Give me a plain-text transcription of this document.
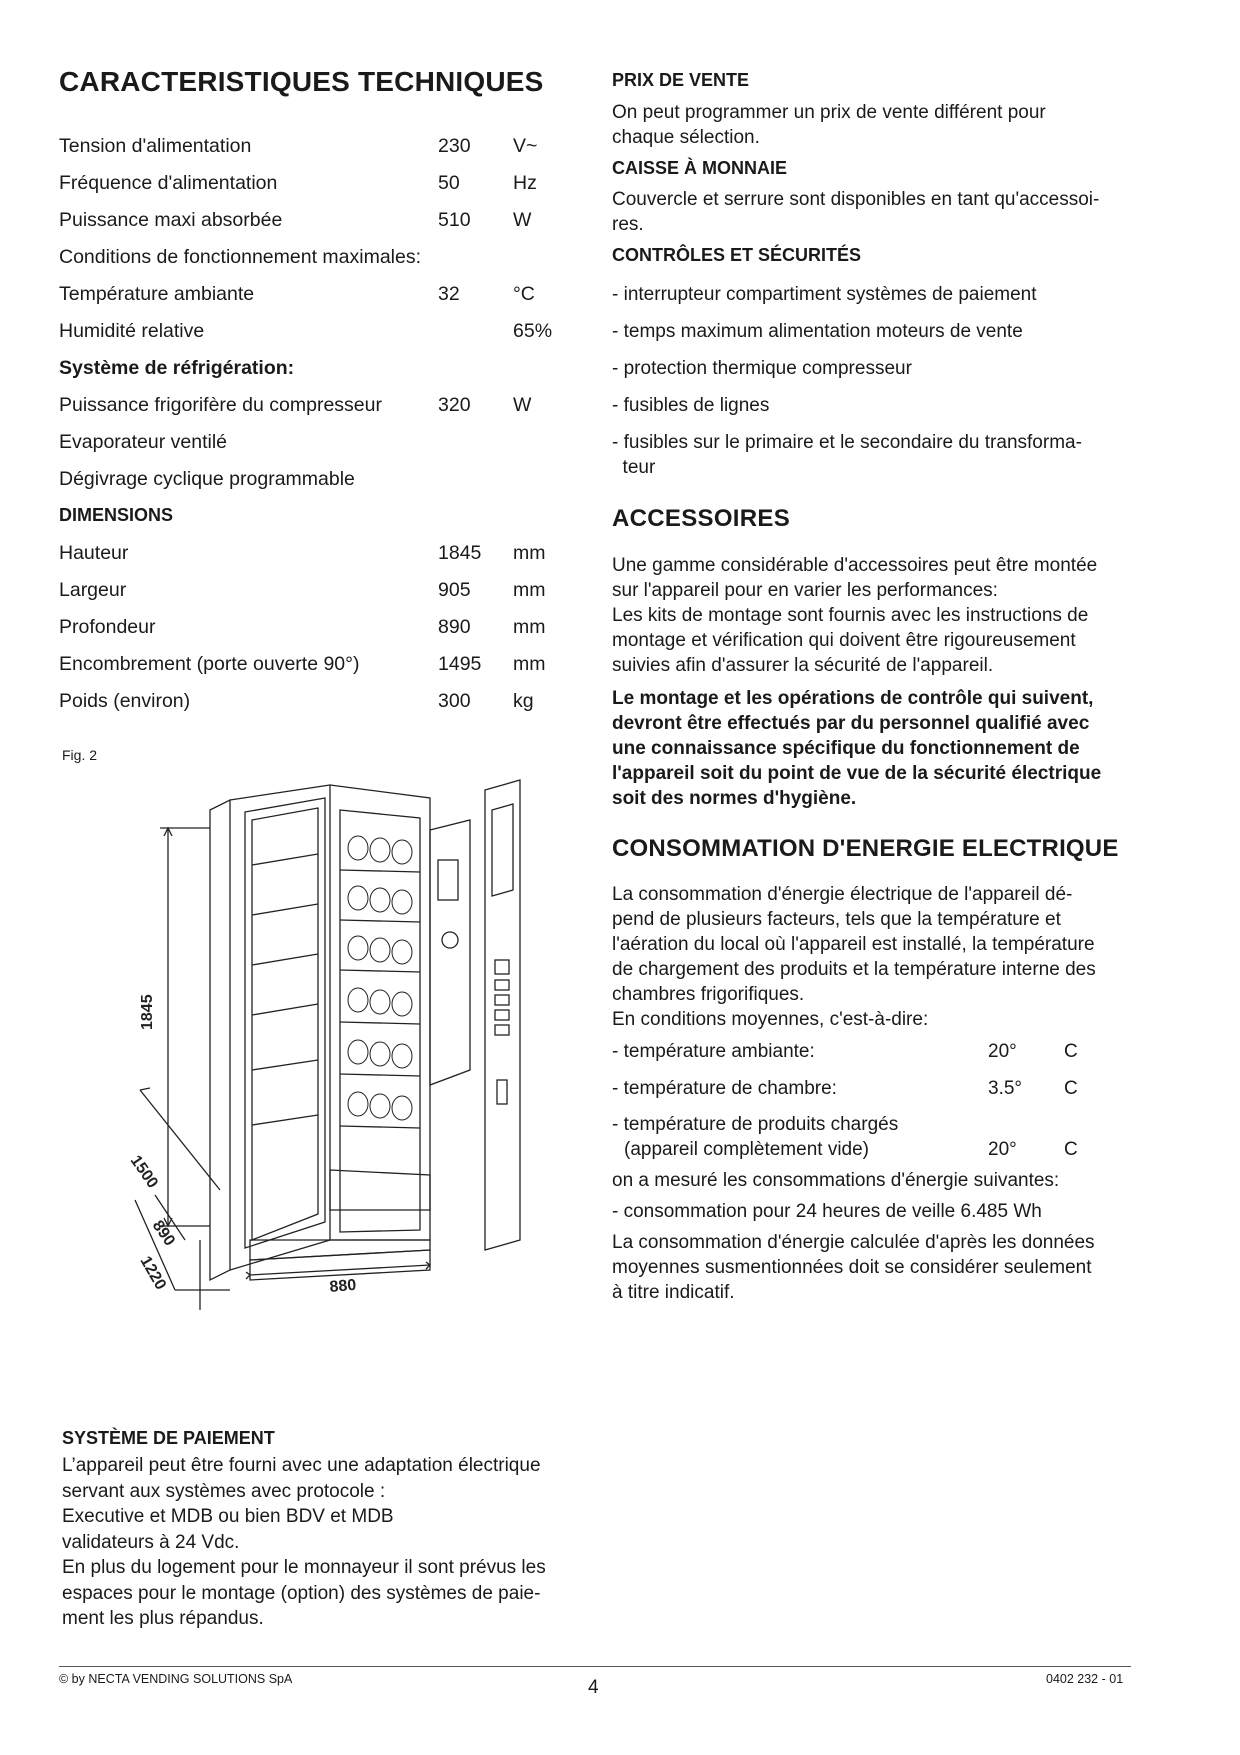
CARACTERISTIQUES TECHNIQUES
Tension d'alimentation	230 V~
Fréquence d'alimentation	50	Hz
Puissance maxi absorbée	510 W
Conditions de fonctionnement maximales:
Température ambiante	32	°C
Humidité relative	65%
Système de réfrigération:
Puissance frigorifère du compresseur	320 W
Evaporateur ventilé
Dégivrage cyclique programmable
DIMENSIONS
Hauteur	1845 mm
Largeur	905 mm
Profondeur	890 mm
Encombrement (porte ouverte 90°)	1495 mm
Poids (environ)	300 kg
Fig. 2
1845
1500
890
1220	880
SYSTÈME DE PAIEMENT
L’appareil peut être fourni avec une adaptation électrique
servant aux systèmes avec protocole :
Executive et MDB ou bien BDV et MDB
validateurs à 24 Vdc.
En plus du logement pour le monnayeur il sont prévus les
espaces pour le montage (option) des systèmes de paie-
ment les plus répandus.
PRIX DE VENTE
On peut programmer un prix de vente différent pour
chaque sélection.
CAISSE À MONNAIE
Couvercle et serrure sont disponibles en tant qu'accessoi-
res.
CONTRÔLES ET SÉCURITÉS
- interrupteur compartiment systèmes de paiement
- temps maximum alimentation moteurs de vente
- protection thermique compresseur
- fusibles de lignes
- fusibles sur le primaire et le secondaire du transforma-
teur
ACCESSOIRES
Une gamme considérable d'accessoires peut être montée
sur l'appareil pour en varier les performances:
Les kits de montage sont fournis avec les instructions de
montage et vérification qui doivent être rigoureusement
suivies afin d'assurer la sécurité de l'appareil.
Le montage et les opérations de contrôle qui suivent,
devront être effectués par du personnel qualifié avec
une connaissance spécifique du fonctionnement de
l'appareil soit du point de vue de la sécurité électrique
soit des normes d'hygiène.
CONSOMMATION D'ENERGIE ELECTRIQUE
La consommation d'énergie électrique de l'appareil dé-
pend de plusieurs facteurs, tels que la température et
l'aération du local où l'appareil est installé, la température
de chargement des produits et la température interne des
chambres frigorifiques.
En conditions moyennes, c'est-à-dire:
- température ambiante:	20° C
- température de chambre:	3.5° C
- température de produits chargés
(appareil complètement vide)	20° C
on a mesuré les consommations d'énergie suivantes:
- consommation pour 24 heures de veille 6.485 Wh
La consommation d'énergie calculée d'après les données
moyennes susmentionnées doit se considérer seulement
à titre indicatif.
© by NECTA VENDING SOLUTIONS SpA	4	0402 232 - 01
